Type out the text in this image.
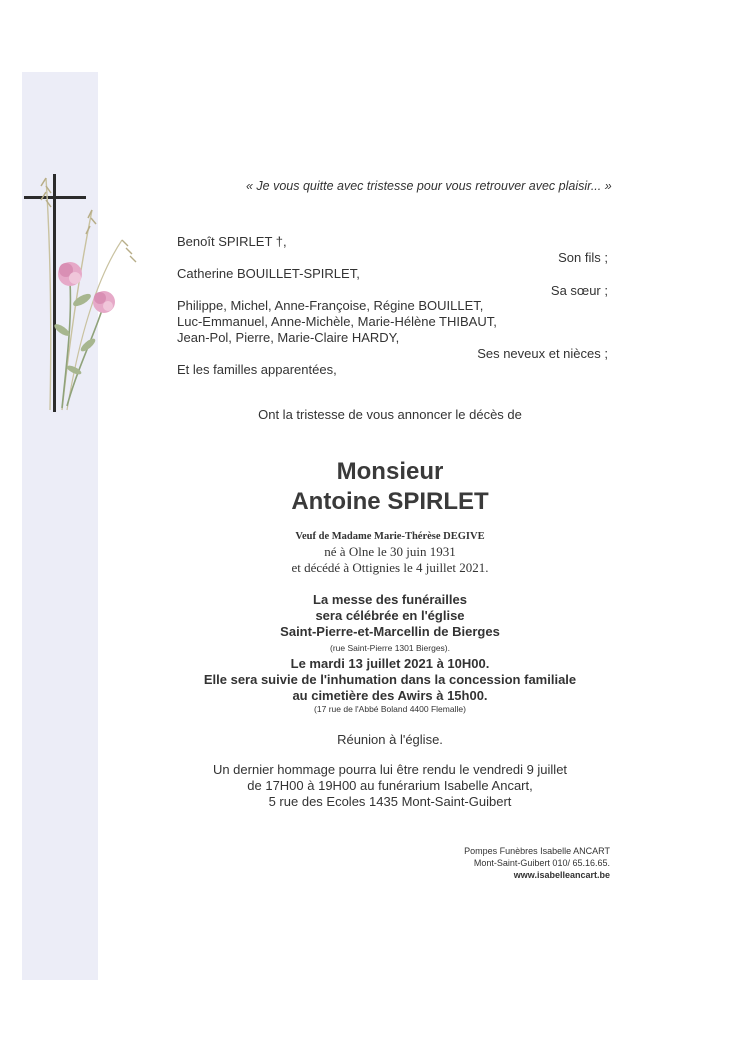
« Je vous quitte avec tristesse pour vous retrouver avec plaisir... »
Benoît SPIRLET †,
Son fils ;
Catherine BOUILLET-SPIRLET,
Sa sœur ;
Philippe, Michel, Anne-Françoise, Régine BOUILLET,
Luc-Emmanuel, Anne-Michèle, Marie-Hélène THIBAUT,
Jean-Pol, Pierre, Marie-Claire HARDY,
Ses neveux et nièces ;
Et les familles apparentées,
Ont la tristesse de vous annoncer le décès de
Monsieur
Antoine SPIRLET
Veuf de Madame Marie-Thérèse DEGIVE
né à Olne le 30 juin 1931
et décédé à Ottignies le 4 juillet 2021.
La messe des funérailles
sera célébrée en l'église
Saint-Pierre-et-Marcellin de Bierges
(rue Saint-Pierre 1301 Bierges).
Le mardi 13 juillet 2021 à 10H00.
Elle sera suivie de l'inhumation dans la concession familiale
au cimetière des Awirs à 15h00.
(17 rue de l'Abbé Boland 4400 Flemalle)
Réunion à l'église.
Un dernier hommage pourra lui être rendu le vendredi 9 juillet
de 17H00 à 19H00 au funérarium Isabelle Ancart,
5 rue des Ecoles 1435 Mont-Saint-Guibert
Pompes Funèbres Isabelle ANCART
Mont-Saint-Guibert 010/ 65.16.65.
www.isabelleancart.be
